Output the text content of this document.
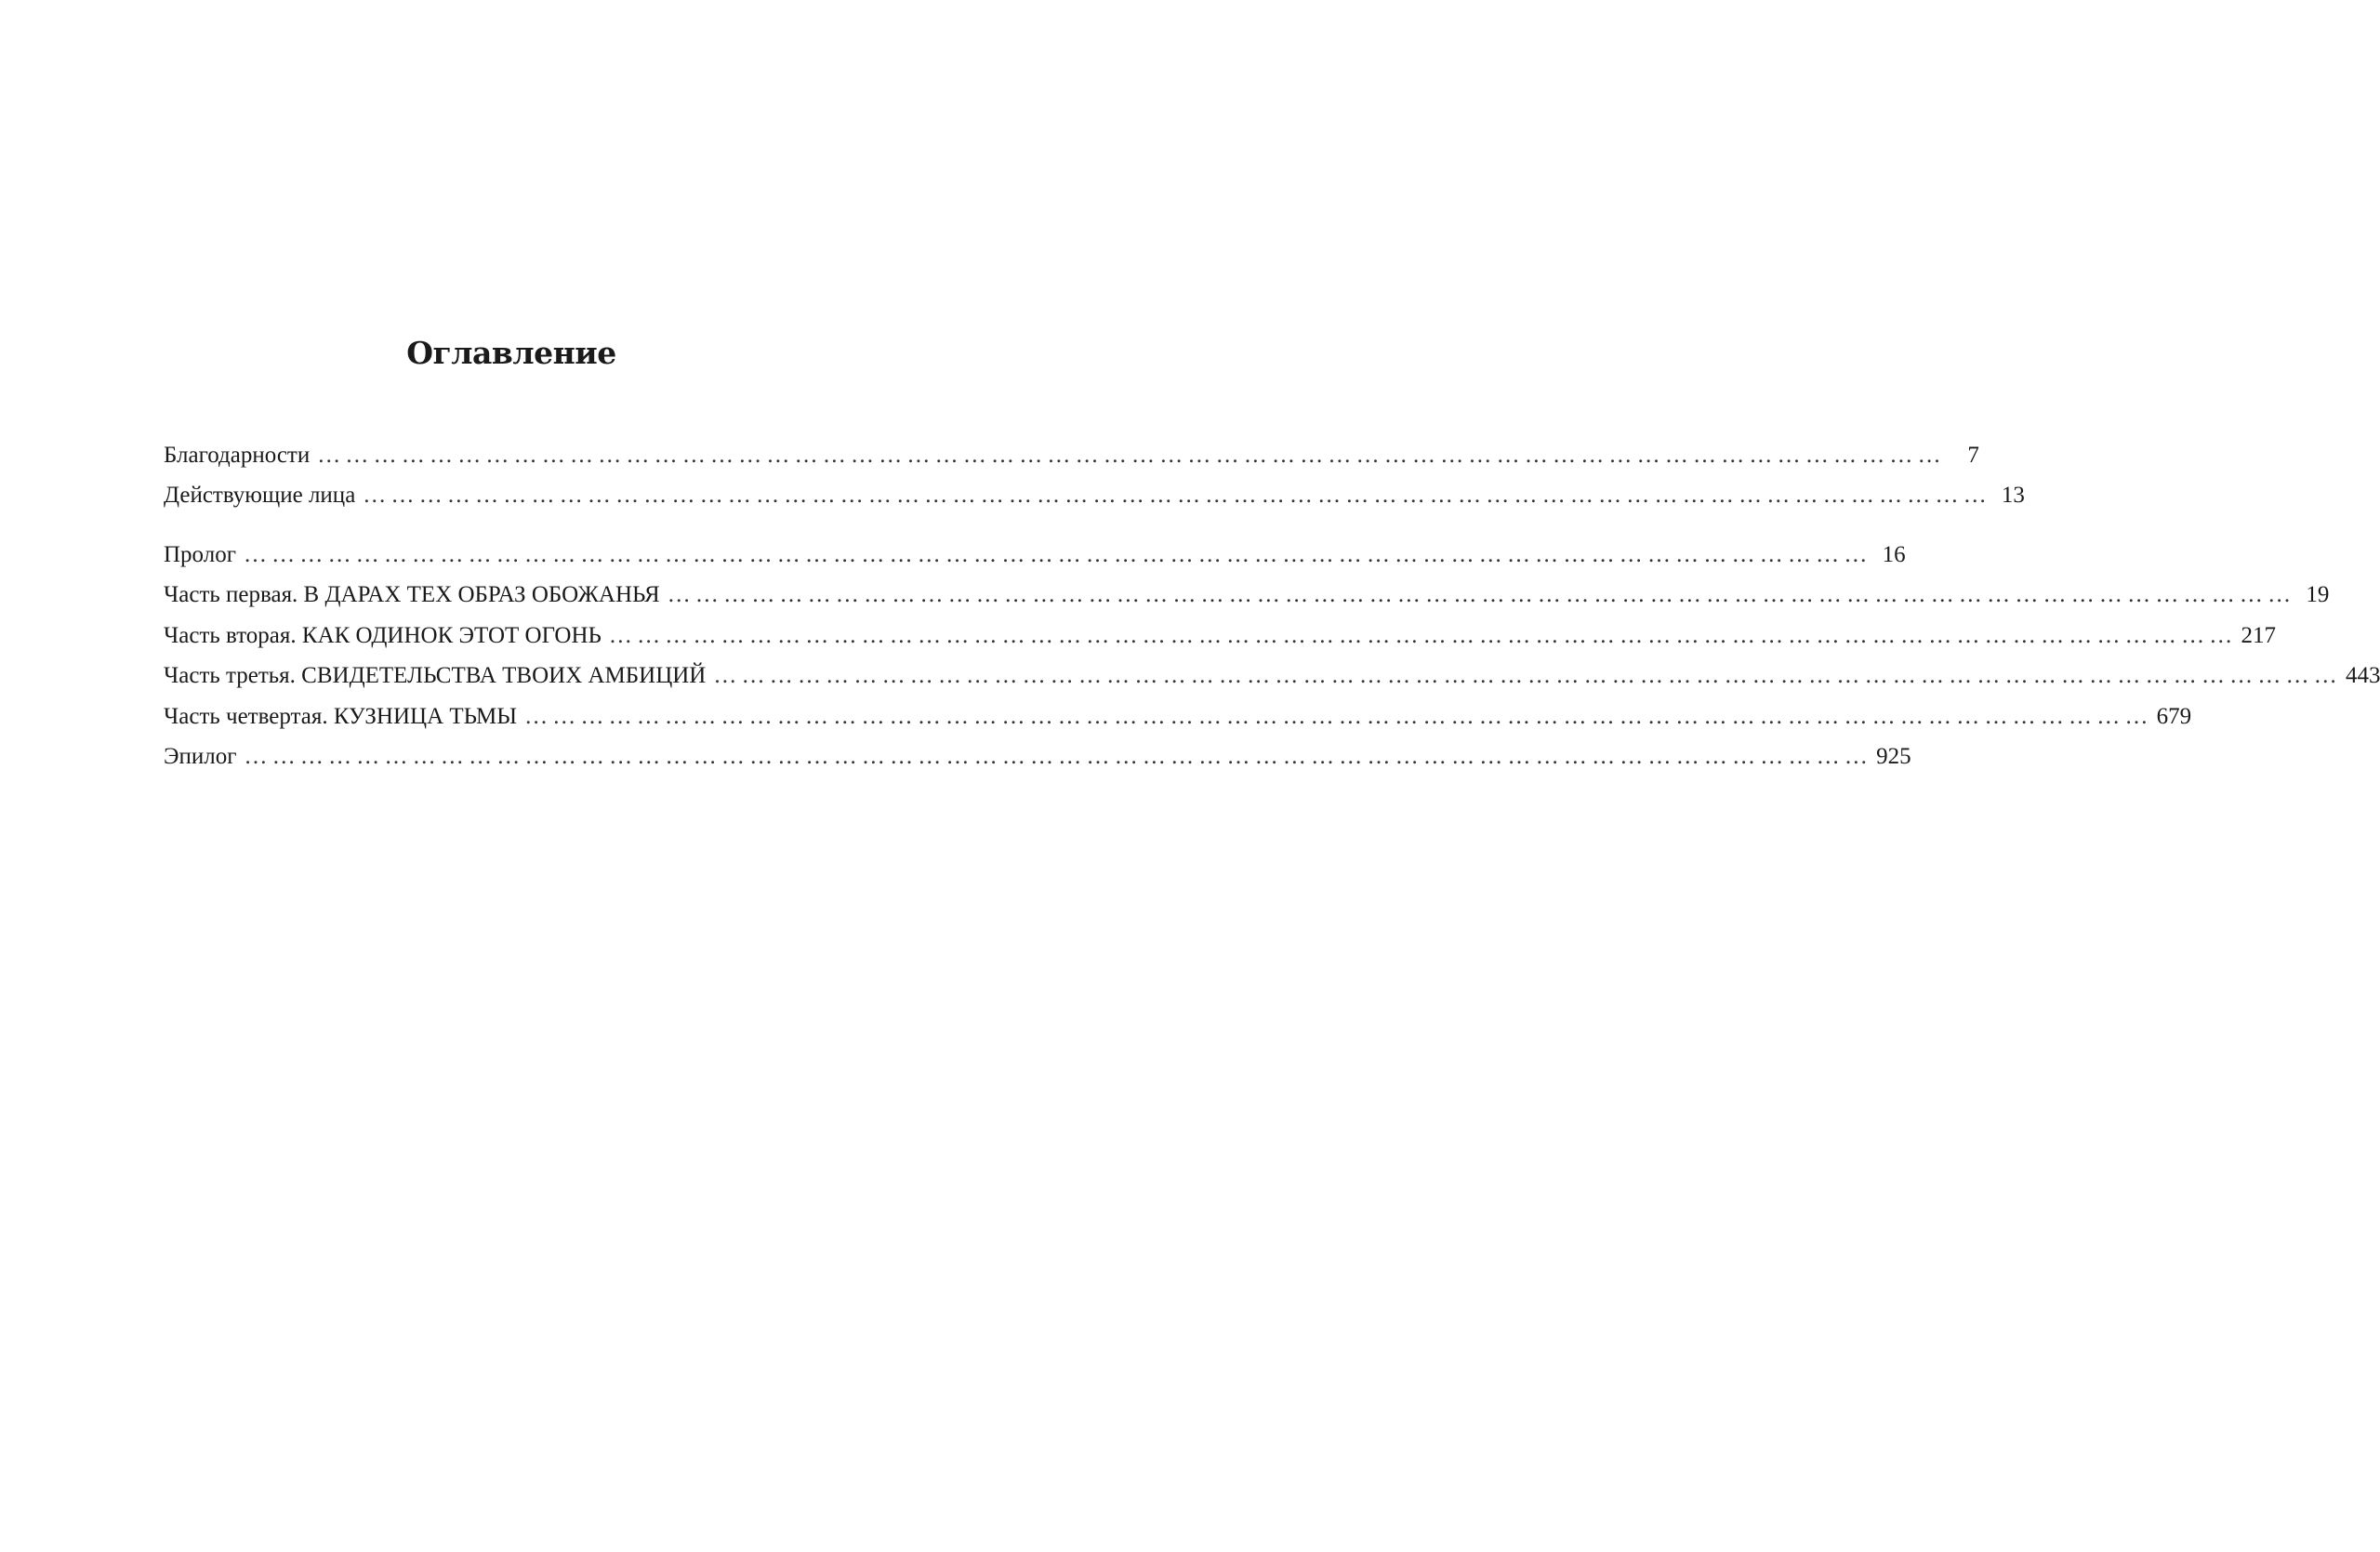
Оглавление
Благодарности ………………………………………………………………………………………………………………………………………………………… 7
Действующие лица ………………………………………………………………………………………………………………………………………………………… 13
Пролог ………………………………………………………………………………………………………………………………………………………… 16
Часть первая. В ДАРАХ ТЕХ ОБРАЗ ОБОЖАНЬЯ ………………………………………………………………………………………………………………………………………………………… 19
Часть вторая. КАК ОДИНОК ЭТОТ ОГОНЬ ………………………………………………………………………………………………………………………………………………………… 217
Часть третья. СВИДЕТЕЛЬСТВА ТВОИХ АМБИЦИЙ ………………………………………………………………………………………………………………………………………………………… 443
Часть четвертая. КУЗНИЦА ТЬМЫ ………………………………………………………………………………………………………………………………………………………… 679
Эпилог ………………………………………………………………………………………………………………………………………………………… 925
